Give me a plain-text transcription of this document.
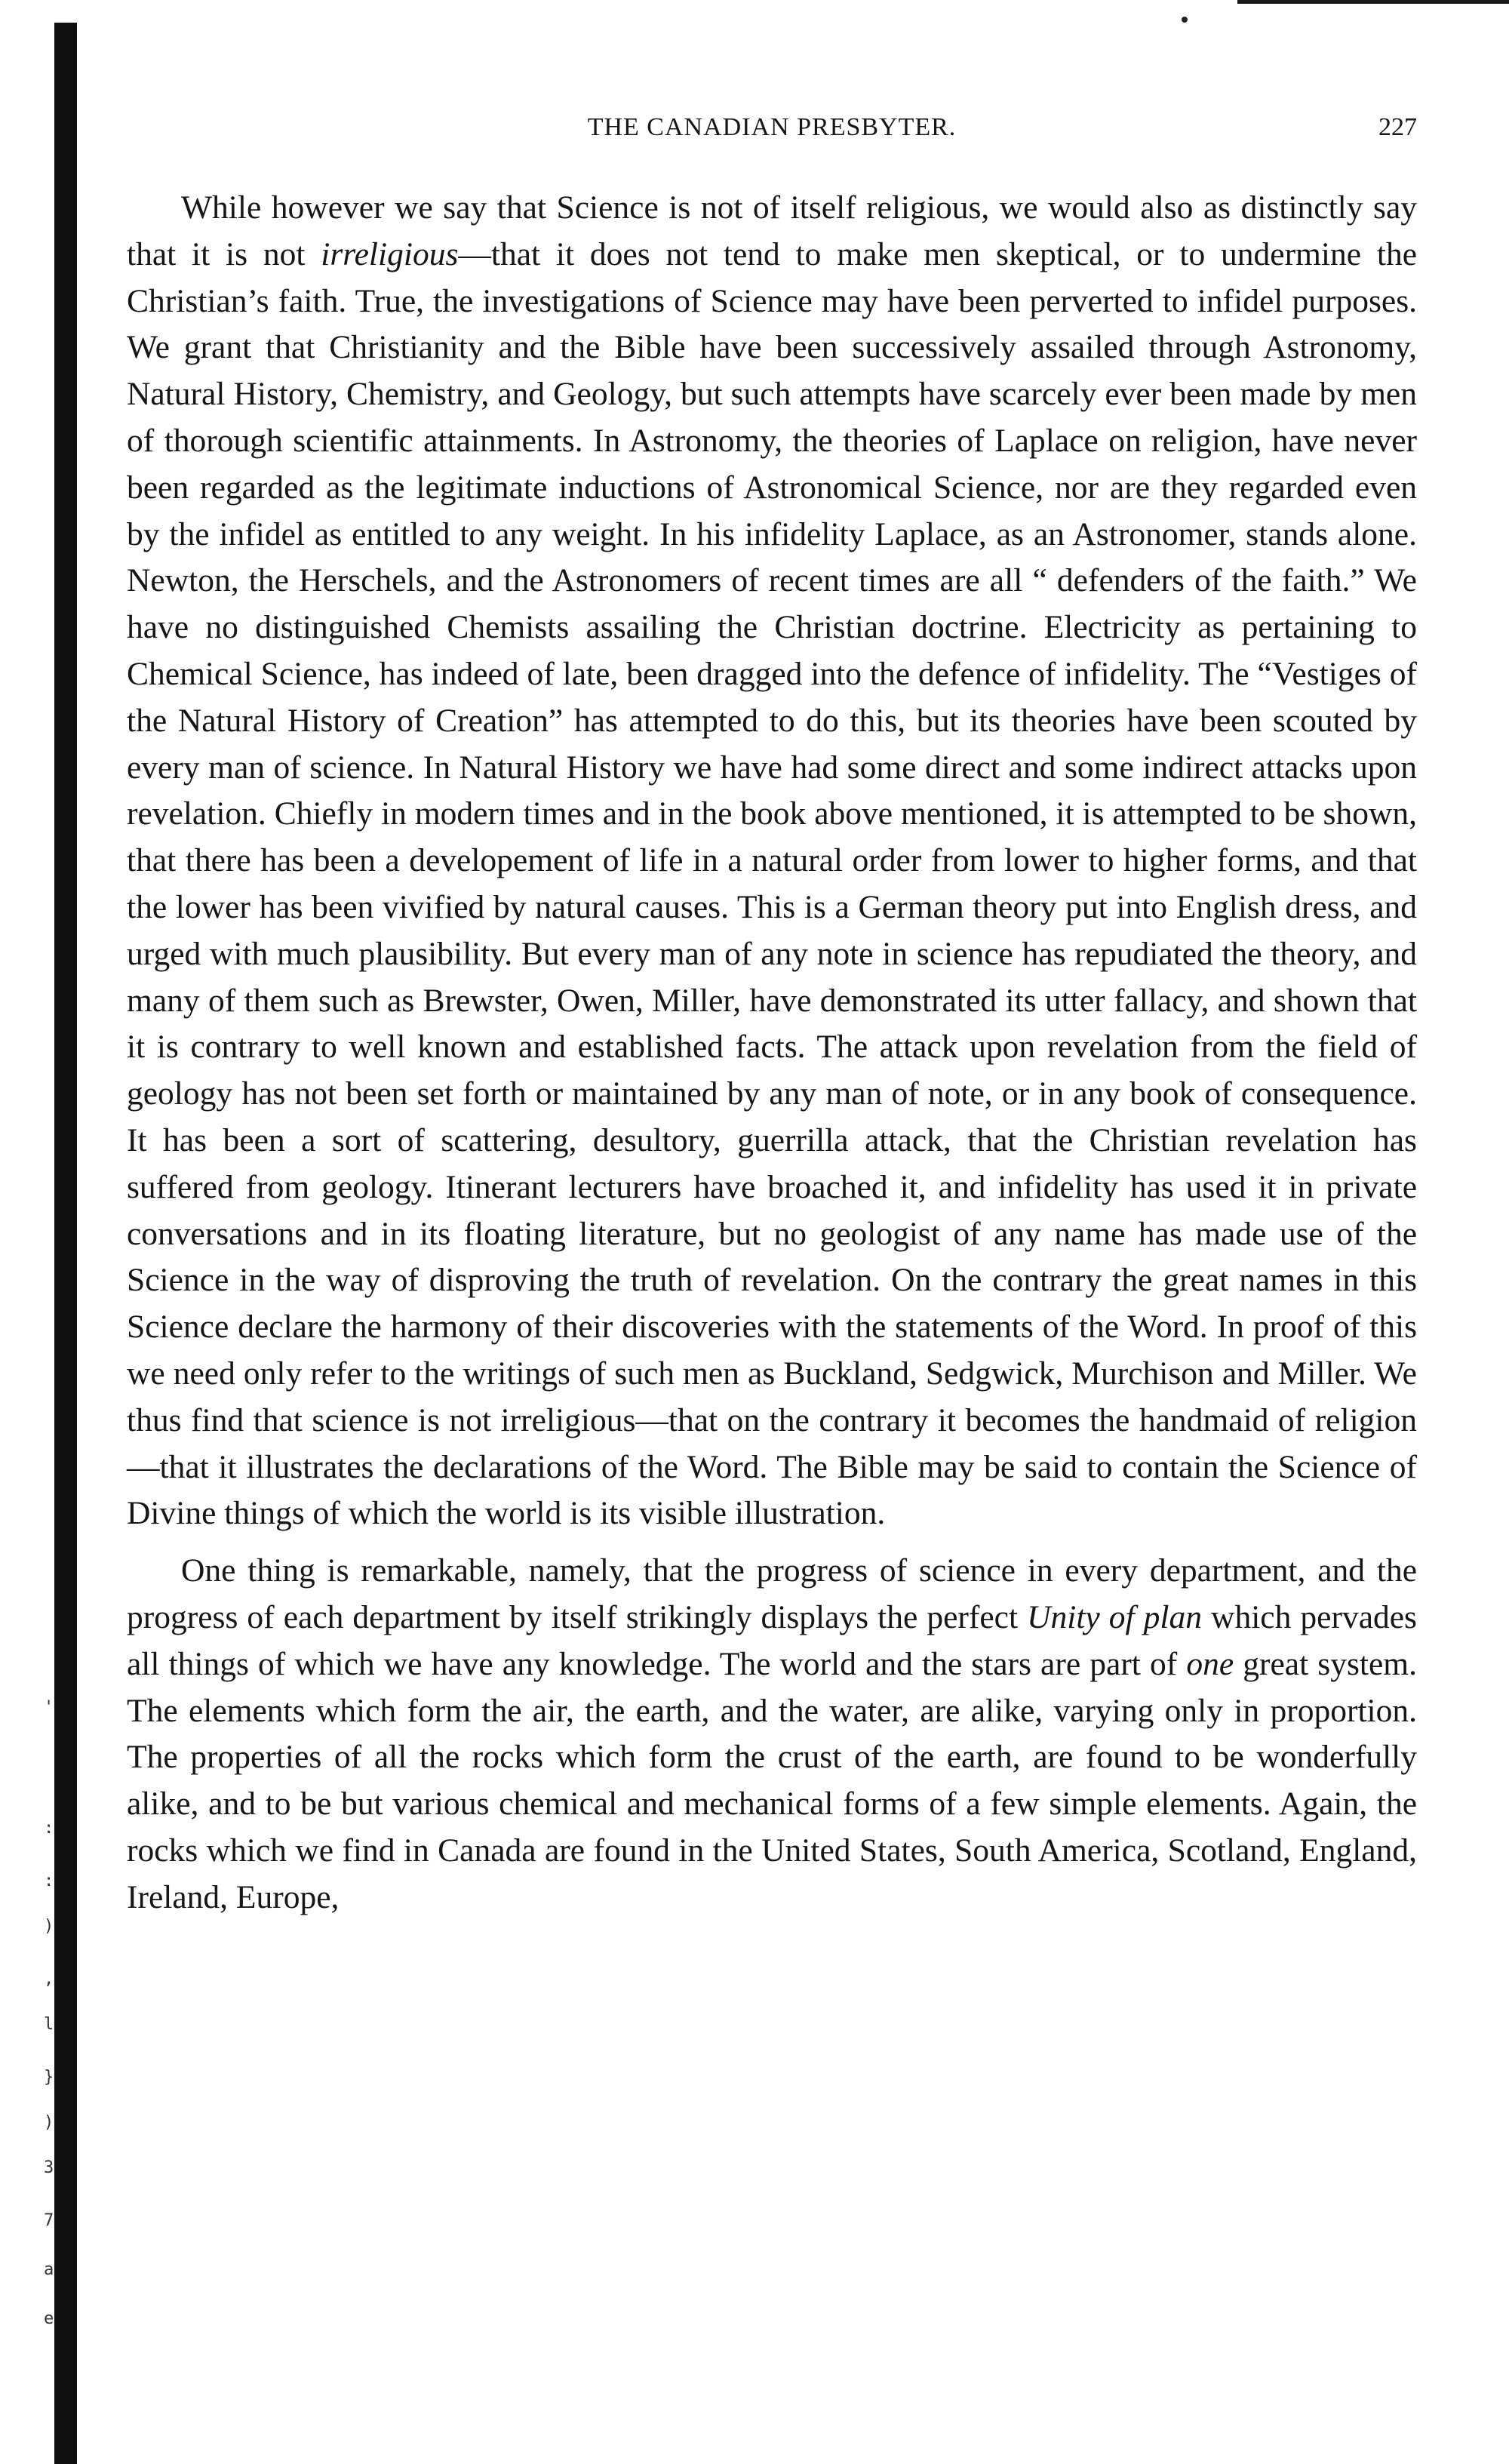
'
:
:
)
,
l
}
)
3
7
a
e
THE CANADIAN PRESBYTER.	227

While however we say that Science is not of itself religious, we would also as distinctly say that it is not irreligious—that it does not tend to make men skeptical, or to undermine the Christian’s faith. True, the investigations of Science may have been perverted to infidel purposes. We grant that Christianity and the Bible have been successively assailed through Astronomy, Natural History, Chemistry, and Geology, but such attempts have scarcely ever been made by men of thorough scientific attainments. In Astronomy, the theories of Laplace on religion, have never been regarded as the legitimate inductions of Astronomical Science, nor are they regarded even by the infidel as entitled to any weight. In his infidelity Laplace, as an Astronomer, stands alone. Newton, the Herschels, and the Astronomers of recent times are all “ defenders of the faith.” We have no distinguished Chemists assailing the Christian doctrine. Electricity as pertaining to Chemical Science, has indeed of late, been dragged into the defence of infidelity. The “Vestiges of the Natural History of Creation” has attempted to do this, but its theories have been scouted by every man of science. In Natural History we have had some direct and some indirect attacks upon revelation. Chiefly in modern times and in the book above mentioned, it is attempted to be shown, that there has been a developement of life in a natural order from lower to higher forms, and that the lower has been vivified by natural causes. This is a German theory put into English dress, and urged with much plausibility. But every man of any note in science has repudiated the theory, and many of them such as Brewster, Owen, Miller, have demonstrated its utter fallacy, and shown that it is contrary to well known and established facts. The attack upon revelation from the field of geology has not been set forth or maintained by any man of note, or in any book of consequence. It has been a sort of scattering, desultory, guerrilla attack, that the Christian revelation has suffered from geology. Itinerant lecturers have broached it, and infidelity has used it in private conversations and in its floating literature, but no geologist of any name has made use of the Science in the way of disproving the truth of revelation. On the contrary the great names in this Science declare the harmony of their discoveries with the statements of the Word. In proof of this we need only refer to the writings of such men as Buckland, Sedgwick, Murchison and Miller. We thus find that science is not irreligious—that on the contrary it becomes the handmaid of religion—that it illustrates the declarations of the Word. The Bible may be said to contain the Science of Divine things of which the world is its visible illustration.

One thing is remarkable, namely, that the progress of science in every department, and the progress of each department by itself strikingly displays the perfect Unity of plan which pervades all things of which we have any knowledge. The world and the stars are part of one great system. The elements which form the air, the earth, and the water, are alike, varying only in proportion. The properties of all the rocks which form the crust of the earth, are found to be wonderfully alike, and to be but various chemical and mechanical forms of a few simple elements. Again, the rocks which we find in Canada are found in the United States, South America, Scotland, England, Ireland, Europe,
